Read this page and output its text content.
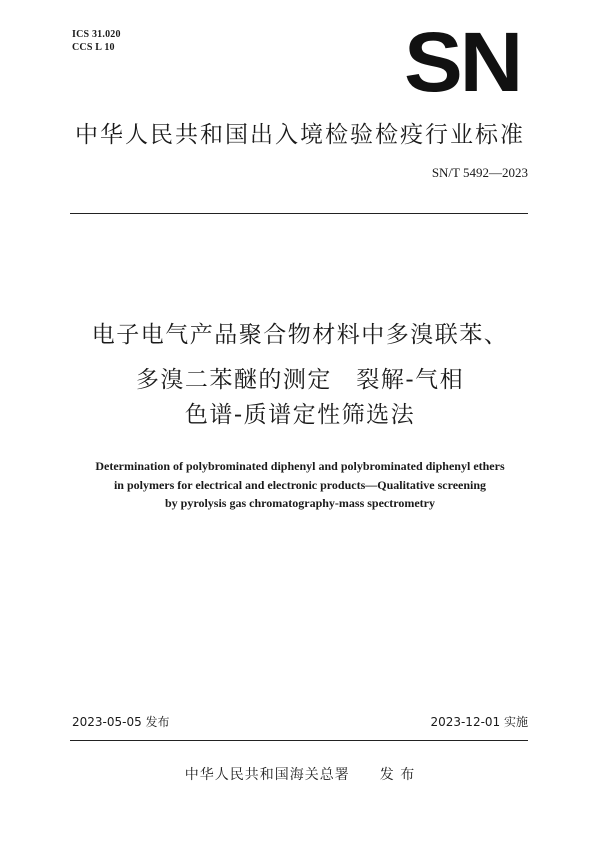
ICS 31.020
CCS L 10	SN
中华人民共和国出入境检验检疫行业标准
SN/T 5492—2023
电子电气产品聚合物材料中多溴联苯、
多溴二苯醚的测定　裂解-气相
色谱-质谱定性筛选法
Determination of polybrominated diphenyl and polybrominated diphenyl ethers
in polymers for electrical and electronic products—Qualitative screening
by pyrolysis gas chromatography-mass spectrometry
2023-05-05 发布	2023-12-01 实施
中华人民共和国海关总署 发 布
